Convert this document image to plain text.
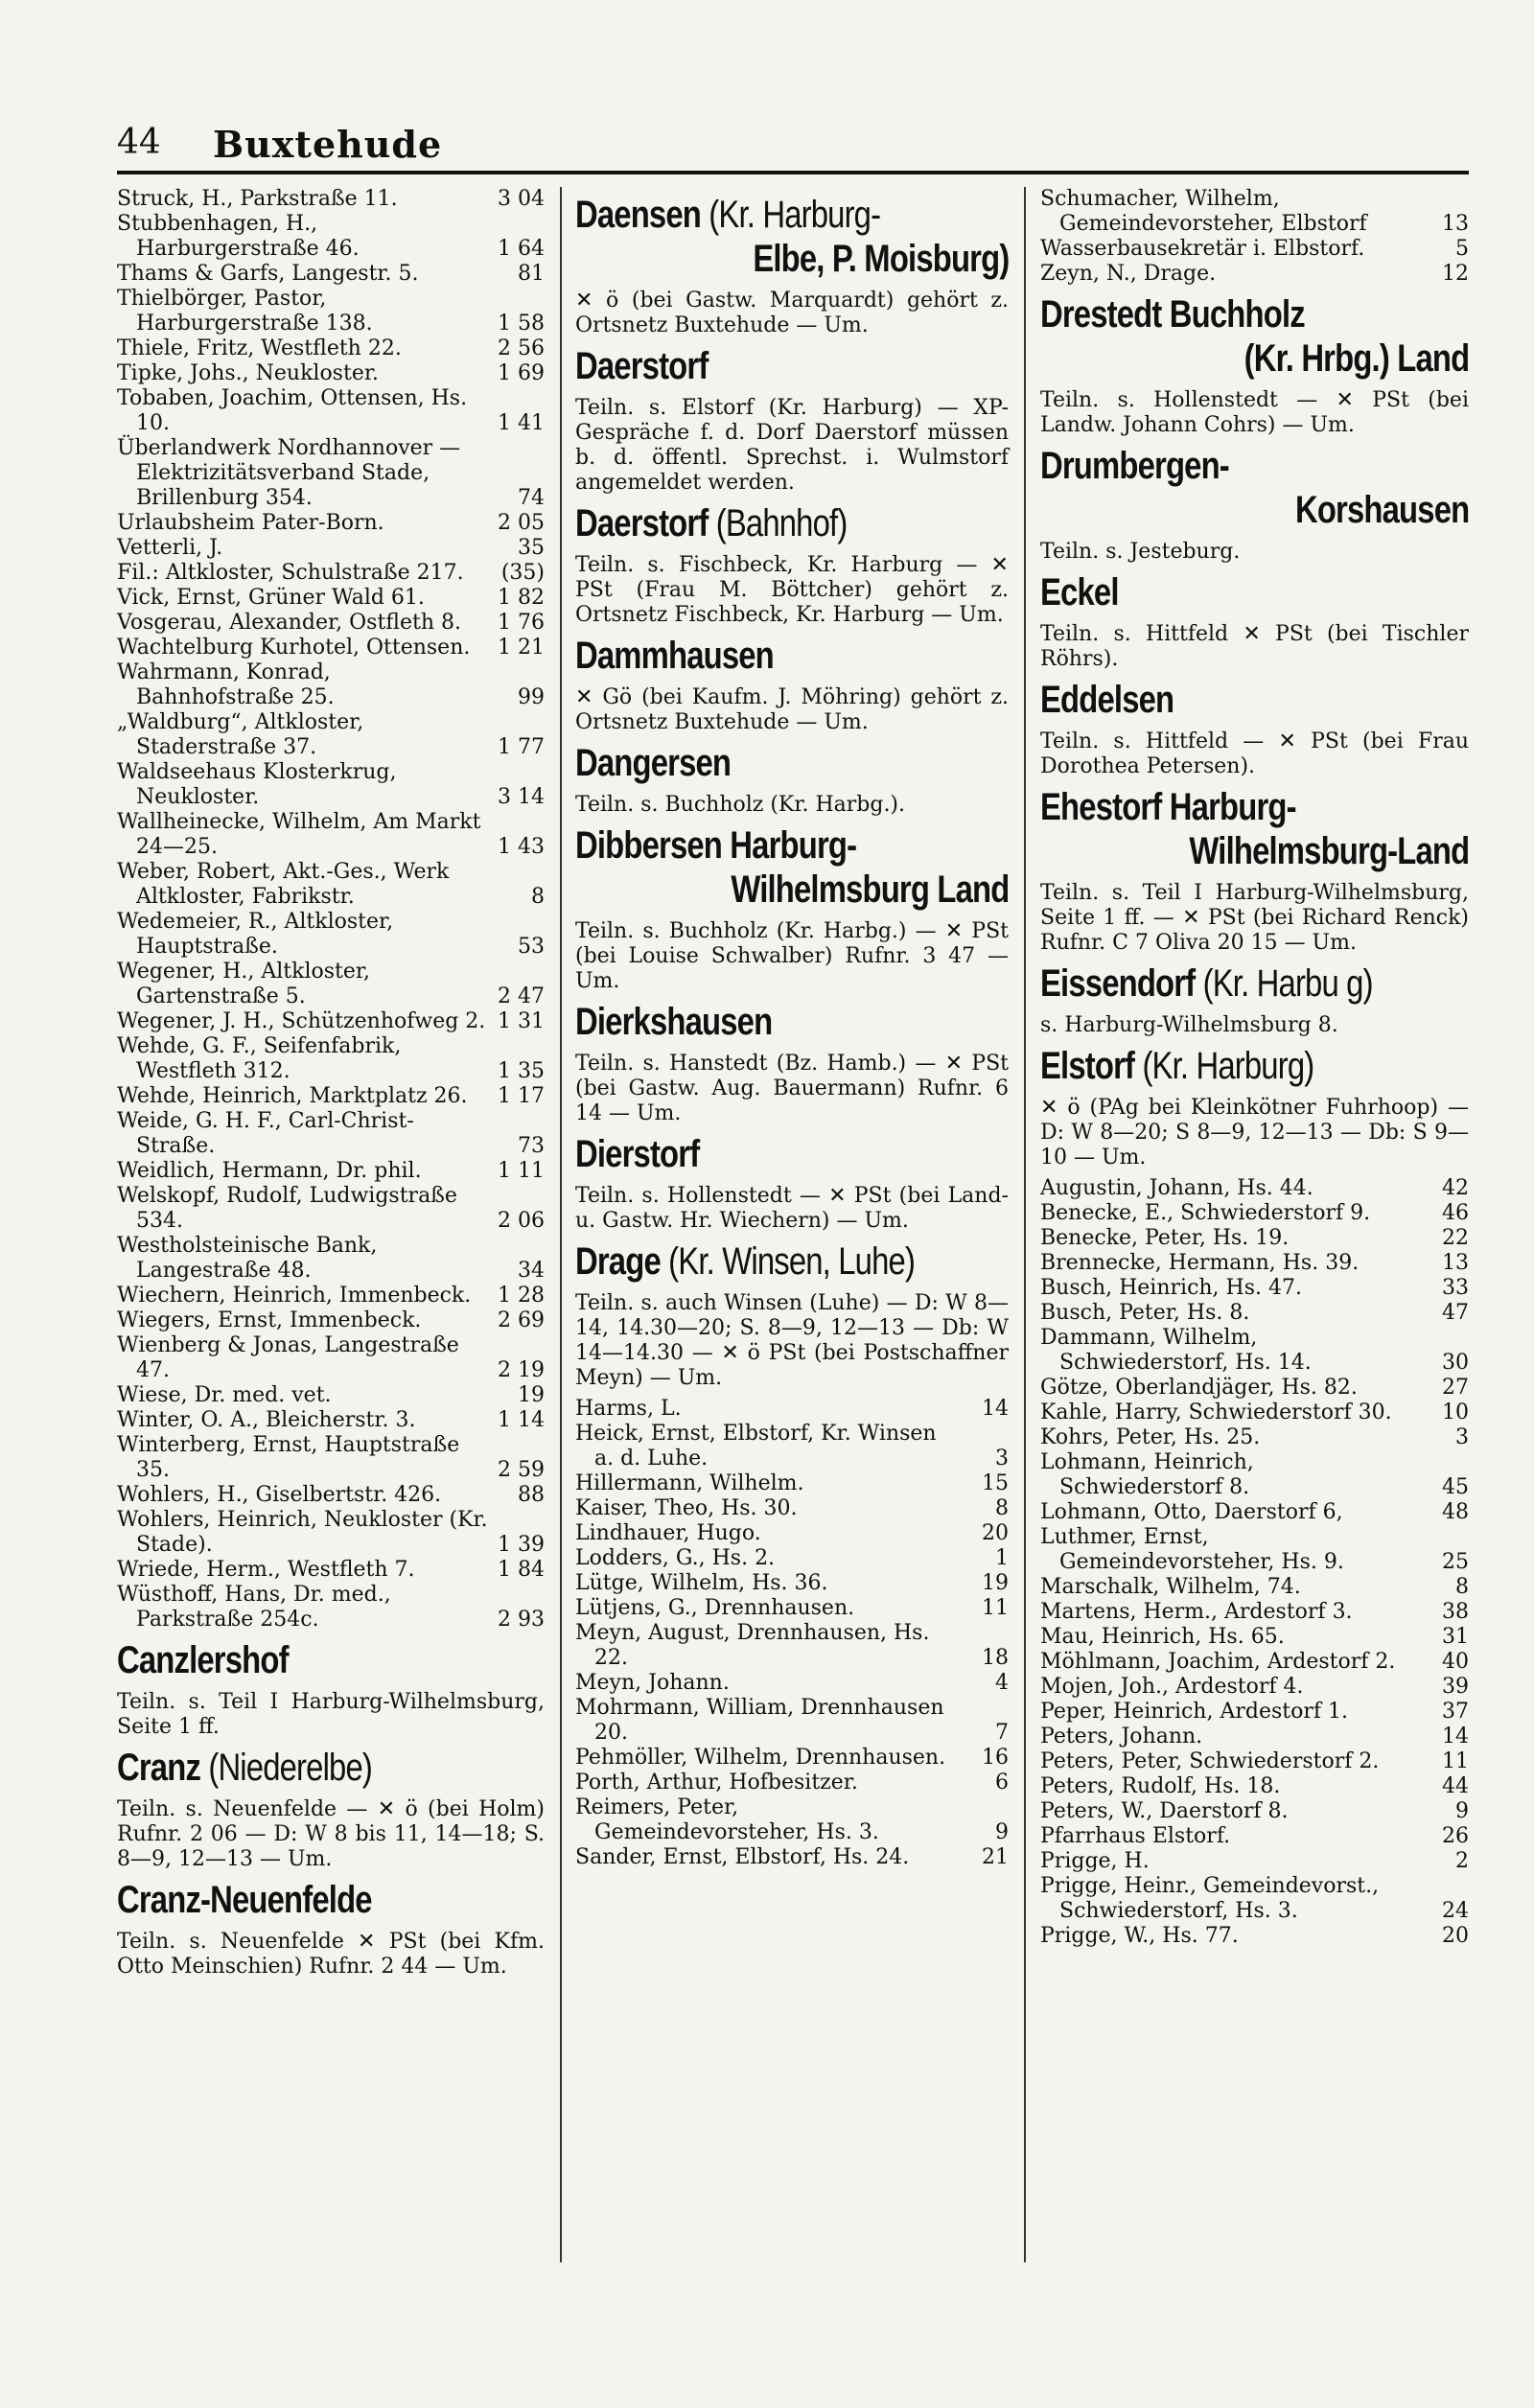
44 Buxtehude
Struck, H., Parkstraße 11.	3 04
Stubbenhagen, H., Harburgerstraße 46.	1 64
Thams & Garfs, Langestr. 5.	81
Thielbörger, Pastor, Harburgerstraße 138.	1 58
Thiele, Fritz, Westfleth 22.	2 56
Tipke, Johs., Neukloster.	1 69
Tobaben, Joachim, Ottensen, Hs. 10.	1 41
Überlandwerk Nordhannover — Elektrizitätsverband Stade, Brillenburg 354.	74
Urlaubsheim Pater-Born.	2 05
Vetterli, J.	35
Fil.: Altkloster, Schulstraße 217.	(35)
Vick, Ernst, Grüner Wald 61.	1 82
Vosgerau, Alexander, Ostfleth 8.	1 76
Wachtelburg Kurhotel, Ottensen.	1 21
Wahrmann, Konrad, Bahnhofstraße 25.	99
„Waldburg“, Altkloster, Staderstraße 37.	1 77
Waldseehaus Klosterkrug, Neukloster.	3 14
Wallheinecke, Wilhelm, Am Markt 24—25.	1 43
Weber, Robert, Akt.-Ges., Werk Altkloster, Fabrikstr.	8
Wedemeier, R., Altkloster, Hauptstraße.	53
Wegener, H., Altkloster, Gartenstraße 5.	2 47
Wegener, J. H., Schützenhofweg 2. 1 31
Wehde, G. F., Seifenfabrik, Westfleth 312.	1 35
Wehde, Heinrich, Marktplatz 26.	1 17
Weide, G. H. F., Carl-Christ-Straße.	73
Weidlich, Hermann, Dr. phil.	1 11
Welskopf, Rudolf, Ludwigstraße 534.	2 06
Westholsteinische Bank, Langestraße 48.	34
Wiechern, Heinrich, Immenbeck.	1 28
Wiegers, Ernst, Immenbeck.	2 69
Wienberg & Jonas, Langestraße 47.	2 19
Wiese, Dr. med. vet.	19
Winter, O. A., Bleicherstr. 3.	1 14
Winterberg, Ernst, Hauptstraße 35.	2 59
Wohlers, H., Giselbertstr. 426.	88
Wohlers, Heinrich, Neukloster (Kr. Stade).	1 39
Wriede, Herm., Westfleth 7.	1 84
Wüsthoff, Hans, Dr. med., Parkstraße 254c.	2 93
Canzlershof
Teiln. s. Teil I Harburg-Wilhelmsburg, Seite 1 ff.
Cranz (Niederelbe)
Teiln. s. Neuenfelde — ✕ ö (bei Holm) Rufnr. 2 06 — D: W 8 bis 11, 14—18; S. 8—9, 12—13 — Um.
Cranz-Neuenfelde
Teiln. s. Neuenfelde ✕ PSt (bei Kfm. Otto Meinschien) Rufnr. 2 44 — Um.
Daensen (Kr. Harburg-
Elbe, P. Moisburg)
✕ ö (bei Gastw. Marquardt) gehört z. Ortsnetz Buxtehude — Um.
Daerstorf
Teiln. s. Elstorf (Kr. Harburg) — XP-Gespräche f. d. Dorf Daerstorf müssen b. d. öffentl. Sprechst. i. Wulmstorf angemeldet werden.
Daerstorf (Bahnhof)
Teiln. s. Fischbeck, Kr. Harburg — ✕ PSt (Frau M. Böttcher) gehört z. Ortsnetz Fischbeck, Kr. Harburg — Um.
Dammhausen
✕ Gö (bei Kaufm. J. Möhring) gehört z. Ortsnetz Buxtehude — Um.
Dangersen
Teiln. s. Buchholz (Kr. Harbg.).
Dibbersen Harburg-
Wilhelmsburg Land
Teiln. s. Buchholz (Kr. Harbg.) — ✕ PSt (bei Louise Schwalber) Rufnr. 3 47 — Um.
Dierkshausen
Teiln. s. Hanstedt (Bz. Hamb.) — ✕ PSt (bei Gastw. Aug. Bauermann) Rufnr. 6 14 — Um.
Dierstorf
Teiln. s. Hollenstedt — ✕ PSt (bei Land- u. Gastw. Hr. Wiechern) — Um.
Drage (Kr. Winsen, Luhe)
Teiln. s. auch Winsen (Luhe) — D: W 8—14, 14.30—20; S. 8—9, 12—13 — Db: W 14—14.30 — ✕ ö PSt (bei Postschaffner Meyn) — Um.
Harms, L.	14
Heick, Ernst, Elbstorf, Kr. Winsen a. d. Luhe.	3
Hillermann, Wilhelm.	15
Kaiser, Theo, Hs. 30.	8
Lindhauer, Hugo.	20
Lodders, G., Hs. 2.	1
Lütge, Wilhelm, Hs. 36.	19
Lütjens, G., Drennhausen.	11
Meyn, August, Drennhausen, Hs. 22.	18
Meyn, Johann.	4
Mohrmann, William, Drennhausen 20.	7
Pehmöller, Wilhelm, Drennhausen.	16
Porth, Arthur, Hofbesitzer.	6
Reimers, Peter, Gemeindevorsteher, Hs. 3.	9
Sander, Ernst, Elbstorf, Hs. 24.	21
Schumacher, Wilhelm, Gemeindevorsteher, Elbstorf	13
Wasserbausekretär i. Elbstorf.	5
Zeyn, N., Drage.	12
Drestedt Buchholz
(Kr. Hrbg.) Land
Teiln. s. Hollenstedt — ✕ PSt (bei Landw. Johann Cohrs) — Um.
Drumbergen-
Korshausen
Teiln. s. Jesteburg.
Eckel
Teiln. s. Hittfeld ✕ PSt (bei Tischler Röhrs).
Eddelsen
Teiln. s. Hittfeld — ✕ PSt (bei Frau Dorothea Petersen).
Ehestorf Harburg-
Wilhelmsburg-Land
Teiln. s. Teil I Harburg-Wilhelmsburg, Seite 1 ff. — ✕ PSt (bei Richard Renck) Rufnr. C 7 Oliva 20 15 — Um.
Eissendorf (Kr. Harbu g)
s. Harburg-Wilhelmsburg 8.
Elstorf (Kr. Harburg)
✕ ö (PAg bei Kleinkötner Fuhrhoop) — D: W 8—20; S 8—9, 12—13 — Db: S 9—10 — Um.
Augustin, Johann, Hs. 44.	42
Benecke, E., Schwiederstorf 9.	46
Benecke, Peter, Hs. 19.	22
Brennecke, Hermann, Hs. 39.	13
Busch, Heinrich, Hs. 47.	33
Busch, Peter, Hs. 8.	47
Dammann, Wilhelm, Schwiederstorf, Hs. 14.	30
Götze, Oberlandjäger, Hs. 82.	27
Kahle, Harry, Schwiederstorf 30.	10
Kohrs, Peter, Hs. 25.	3
Lohmann, Heinrich, Schwiederstorf 8.	45
Lohmann, Otto, Daerstorf 6,	48
Luthmer, Ernst, Gemeindevorsteher, Hs. 9.	25
Marschalk, Wilhelm, 74.	8
Martens, Herm., Ardestorf 3.	38
Mau, Heinrich, Hs. 65.	31
Möhlmann, Joachim, Ardestorf 2.	40
Mojen, Joh., Ardestorf 4.	39
Peper, Heinrich, Ardestorf 1.	37
Peters, Johann.	14
Peters, Peter, Schwiederstorf 2.	11
Peters, Rudolf, Hs. 18.	44
Peters, W., Daerstorf 8.	9
Pfarrhaus Elstorf.	26
Prigge, H.	2
Prigge, Heinr., Gemeindevorst., Schwiederstorf, Hs. 3.	24
Prigge, W., Hs. 77.	20
